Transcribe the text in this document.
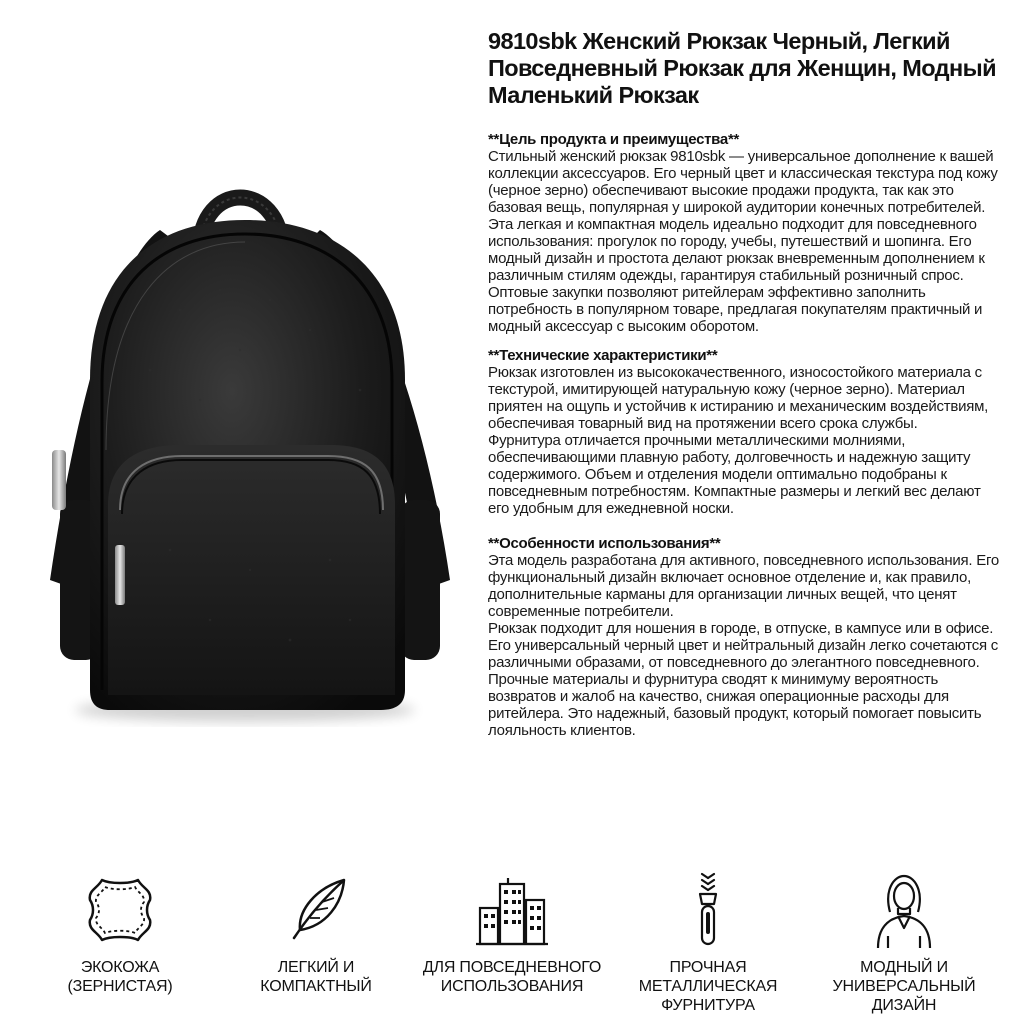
9810sbk Женский Рюкзак Черный, Легкий Повседневный Рюкзак для Женщин, Модный Маленький Рюкзак
**Цель продукта и преимущества**

Стильный женский рюкзак 9810sbk — универсальное дополнение к вашей коллекции аксессуаров. Его черный цвет и классическая текстура под кожу (черное зерно) обеспечивают высокие продажи продукта, так как это базовая вещь, популярная у широкой аудитории конечных потребителей.

Эта легкая и компактная модель идеально подходит для повседневного использования: прогулок по городу, учебы, путешествий и шопинга. Его модный дизайн и простота делают рюкзак вневременным дополнением к различным стилям одежды, гарантируя стабильный розничный спрос.

Оптовые закупки позволяют ритейлерам эффективно заполнить потребность в популярном товаре, предлагая покупателям практичный и модный аксессуар с высоким оборотом.

**Технические характеристики**

Рюкзак изготовлен из высококачественного, износостойкого материала с текстурой, имитирующей натуральную кожу (черное зерно). Материал приятен на ощупь и устойчив к истиранию и механическим воздействиям, обеспечивая товарный вид на протяжении всего срока службы.

Фурнитура отличается прочными металлическими молниями, обеспечивающими плавную работу, долговечность и надежную защиту содержимого. Объем и отделения модели оптимально подобраны к повседневным потребностям. Компактные размеры и легкий вес делают его удобным для ежедневной носки.

**Особенности использования**

Эта модель разработана для активного, повседневного использования. Его функциональный дизайн включает основное отделение и, как правило, дополнительные карманы для организации личных вещей, что ценят современные потребители.

Рюкзак подходит для ношения в городе, в отпуске, в кампусе или в офисе. Его универсальный черный цвет и нейтральный дизайн легко сочетаются с различными образами, от повседневного до элегантного повседневного.

Прочные материалы и фурнитура сводят к минимуму вероятность возвратов и жалоб на качество, снижая операционные расходы для ритейлера. Это надежный, базовый продукт, который помогает повысить лояльность клиентов.

ЭКОКОЖА
(ЗЕРНИСТАЯ)
ЛЕГКИЙ И
КОМПАКТНЫЙ
ДЛЯ ПОВСЕДНЕВНОГО
ИСПОЛЬЗОВАНИЯ
ПРОЧНАЯ
МЕТАЛЛИЧЕСКАЯ
ФУРНИТУРА
МОДНЫЙ И
УНИВЕРСАЛЬНЫЙ
ДИЗАЙН
